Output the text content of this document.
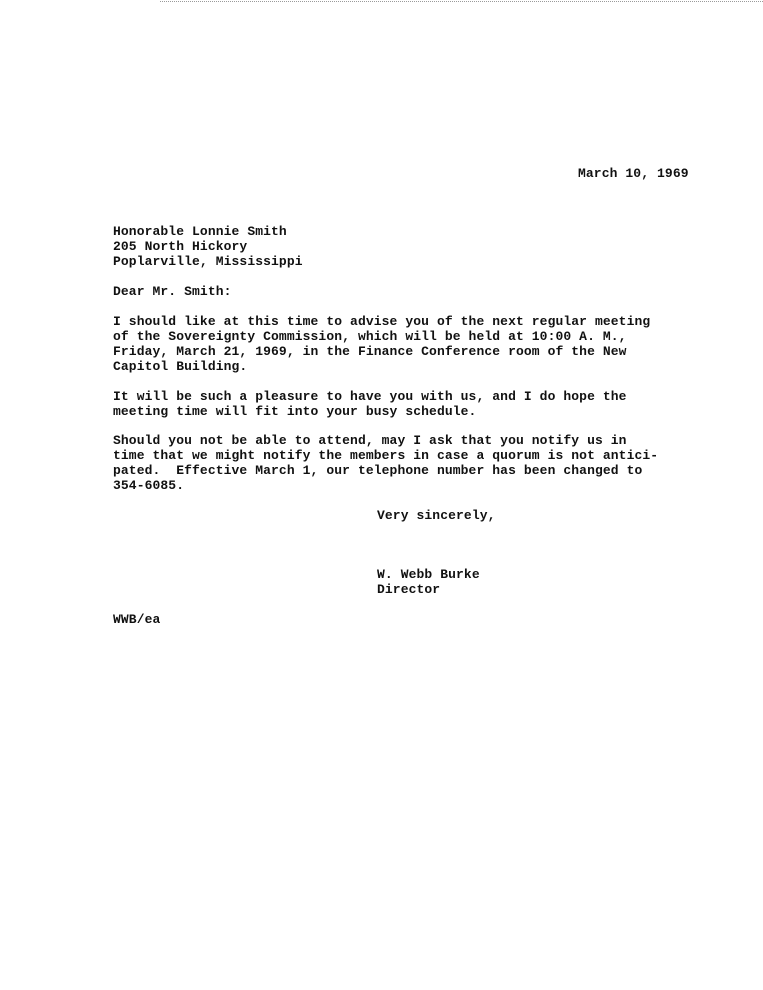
March 10, 1969
Honorable Lonnie Smith
205 North Hickory
Poplarville, Mississippi
Dear Mr. Smith:
I should like at this time to advise you of the next regular meeting
of the Sovereignty Commission, which will be held at 10:00 A. M.,
Friday, March 21, 1969, in the Finance Conference room of the New
Capitol Building.
It will be such a pleasure to have you with us, and I do hope the
meeting time will fit into your busy schedule.
Should you not be able to attend, may I ask that you notify us in
time that we might notify the members in case a quorum is not antici-
pated.  Effective March 1, our telephone number has been changed to
354-6085.
Very sincerely,
W. Webb Burke
Director
WWB/ea
